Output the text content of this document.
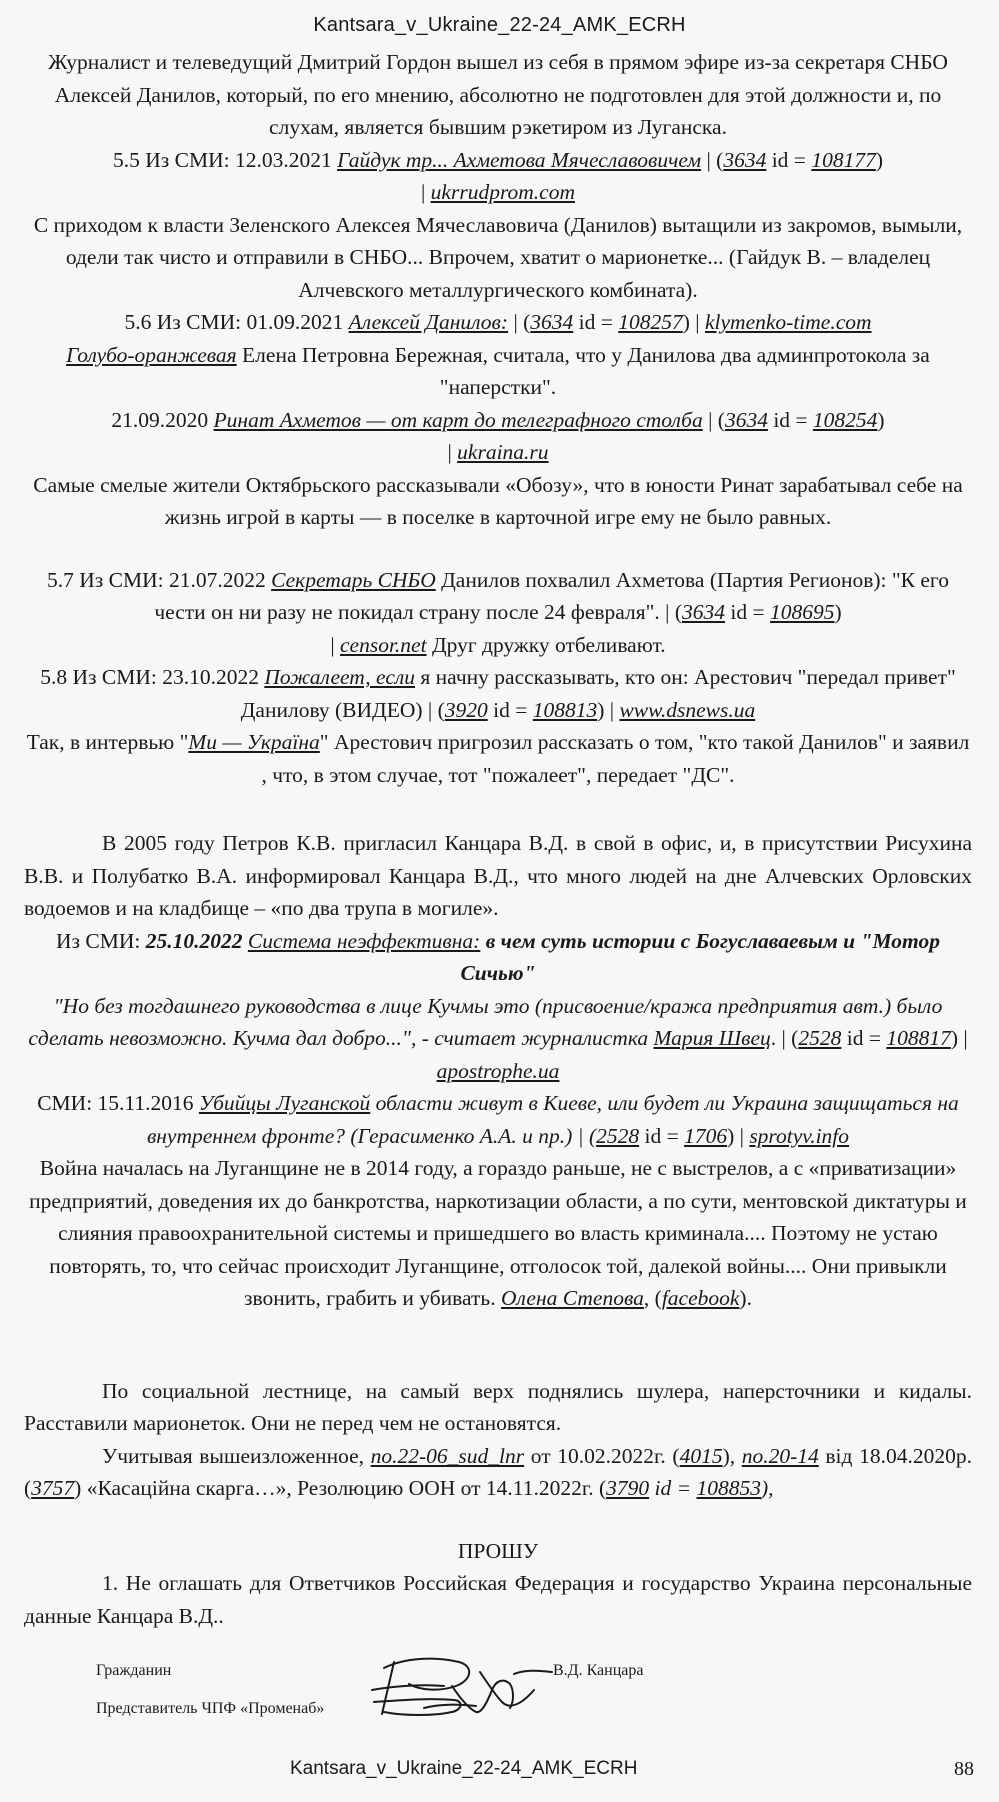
Kantsara_v_Ukraine_22-24_AMK_ECRH

Журналист и телеведущий Дмитрий Гордон вышел из себя в прямом эфире из-за секретаря СНБО Алексей Данилов, который, по его мнению, абсолютно не подготовлен для этой должности и, по слухам, является бывшим рэкетиром из Луганска.

5.5 Из СМИ: 12.03.2021 Гайдук тр... Ахметова Мячеславовичем | (3634 id = 108177)
| ukrrudprom.com

С приходом к власти Зеленского Алексея Мячеславовича (Данилов) вытащили из закромов, вымыли, одели так чисто и отправили в СНБО... Впрочем, хватит о марионетке... (Гайдук В. – владелец Алчевского металлургического комбината).

5.6 Из СМИ: 01.09.2021 Алексей Данилов: | (3634 id = 108257) | klymenko-time.com
Голубо-оранжевая Елена Петровна Бережная, считала, что у Данилова два админпротокола за "наперстки".

21.09.2020 Ринат Ахметов — от карт до телеграфного столба | (3634 id = 108254)
| ukraina.ru

Самые смелые жители Октябрьского рассказывали «Обозу», что в юности Ринат зарабатывал себе на жизнь игрой в карты — в поселке в карточной игре ему не было равных.

5.7 Из СМИ: 21.07.2022 Секретарь СНБО Данилов похвалил Ахметова (Партия Регионов): "К его чести он ни разу не покидал страну после 24 февраля". | (3634 id = 108695)
| censor.net Друг дружку отбеливают.

5.8 Из СМИ: 23.10.2022 Пожалеет, если я начну рассказывать, кто он: Арестович "передал привет" Данилову (ВИДЕО) | (3920 id = 108813) | www.dsnews.ua

Так, в интервью "Ми — Україна" Арестович пригрозил рассказать о том, "кто такой Данилов" и заявил , что, в этом случае, тот "пожалеет", передает "ДС".

В 2005 году Петров К.В. пригласил Канцара В.Д. в свой в офис, и, в присутствии Рисухина В.В. и Полубатко В.А. информировал Канцара В.Д., что много людей на дне Алчевских Орловских водоемов и на кладбище – «по два трупа в могиле».

Из СМИ: 25.10.2022 Система неэффективна: в чем суть истории с Богуславаевым и "Мотор Сичью"

"Но без тогдашнего руководства в лице Кучмы это (присвоение/кража предприятия авт.) было сделать невозможно. Кучма дал добро...", - считает журналистка Мария Швец. | (2528 id = 108817) | apostrophe.ua

СМИ: 15.11.2016 Убийцы Луганской области живут в Киеве, или будет ли Украина защищаться на внутреннем фронте? (Герасименко А.А. и пр.) | (2528 id = 1706) | sprotyv.info

Война началась на Луганщине не в 2014 году, а гораздо раньше, не с выстрелов, а с «приватизации» предприятий, доведения их до банкротства, наркотизации области, а по сути, ментовской диктатуры и слияния правоохранительной системы и пришедшего во власть криминала.... Поэтому не устаю повторять, то, что сейчас происходит Луганщине, отголосок той, далекой войны.... Они привыкли звонить, грабить и убивать. Олена Степова, (facebook).

По социальной лестнице, на самый верх поднялись шулера, наперсточники и кидалы. Расставили марионеток. Они не перед чем не остановятся.

Учитывая вышеизложенное, по.22-06_sud_lnr от 10.02.2022г. (4015), по.20-14 від 18.04.2020р. (3757) «Касаційна скарга…», Резолюцию ООН от 14.11.2022г. (3790 id = 108853),

ПРОШУ

1. Не оглашать для Ответчиков Российская Федерация и государство Украина персональные данные Канцара В.Д..

Гражданин
Представитель ЧПФ «Променаб»
В.Д. Канцара
Kantsara_v_Ukraine_22-24_AMK_ECRH	88
